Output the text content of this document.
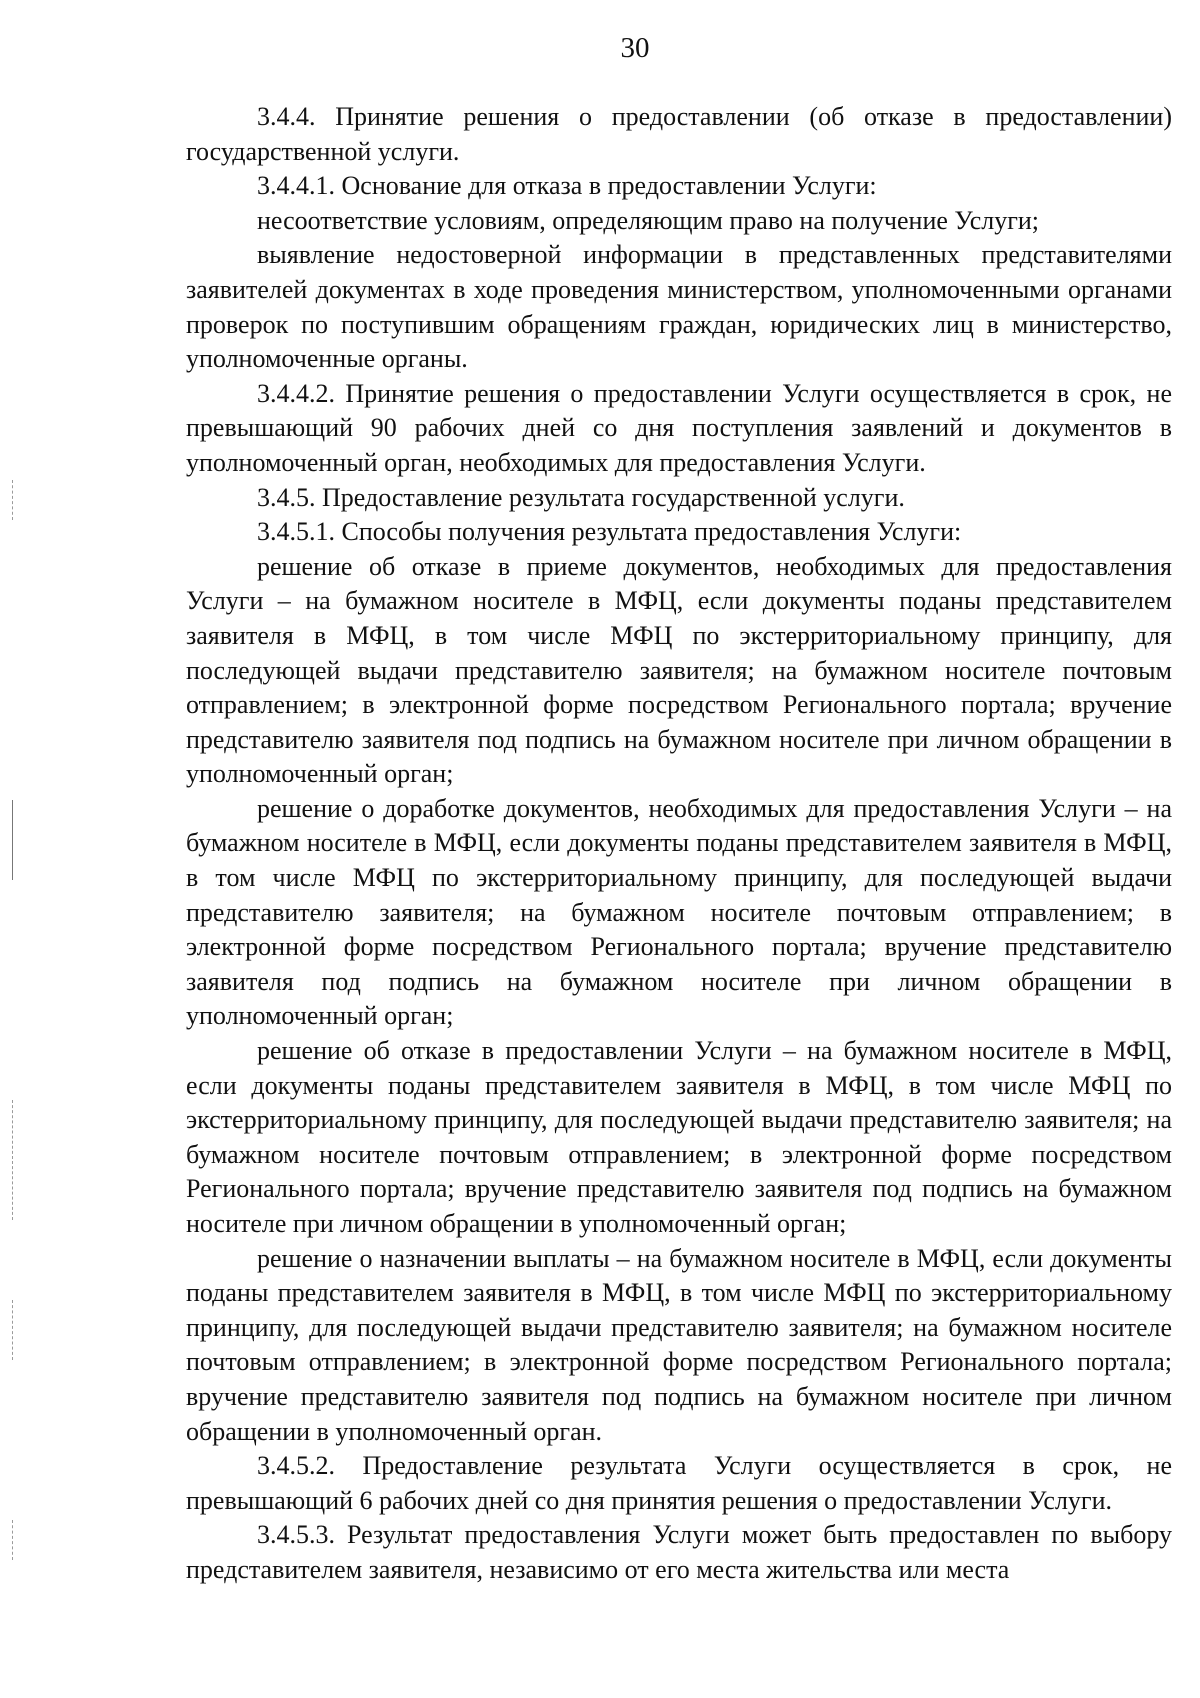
30

3.4.4. Принятие решения о предоставлении (об отказе в предоставлении) государственной услуги.

3.4.4.1. Основание для отказа в предоставлении Услуги:

несоответствие условиям, определяющим право на получение Услуги;

выявление недостоверной информации в представленных представителями заявителей документах в ходе проведения министерством, уполномоченными органами проверок по поступившим обращениям граждан, юридических лиц в министерство, уполномоченные органы.

3.4.4.2. Принятие решения о предоставлении Услуги осуществляется в срок, не превышающий 90 рабочих дней со дня поступления заявлений и документов в уполномоченный орган, необходимых для предоставления Услуги.

3.4.5. Предоставление результата государственной услуги.

3.4.5.1. Способы получения результата предоставления Услуги:

решение об отказе в приеме документов, необходимых для предоставления Услуги – на бумажном носителе в МФЦ, если документы поданы представителем заявителя в МФЦ, в том числе МФЦ по экстерриториальному принципу, для последующей выдачи представителю заявителя; на бумажном носителе почтовым отправлением; в электронной форме посредством Регионального портала; вручение представителю заявителя под подпись на бумажном носителе при личном обращении в уполномоченный орган;

решение о доработке документов, необходимых для предоставления Услуги – на бумажном носителе в МФЦ, если документы поданы представителем заявителя в МФЦ, в том числе МФЦ по экстерриториальному принципу, для последующей выдачи представителю заявителя; на бумажном носителе почтовым отправлением; в электронной форме посредством Регионального портала; вручение представителю заявителя под подпись на бумажном носителе при личном обращении в уполномоченный орган;

решение об отказе в предоставлении Услуги – на бумажном носителе в МФЦ, если документы поданы представителем заявителя в МФЦ, в том числе МФЦ по экстерриториальному принципу, для последующей выдачи представителю заявителя; на бумажном носителе почтовым отправлением; в электронной форме посредством Регионального портала; вручение представителю заявителя под подпись на бумажном носителе при личном обращении в уполномоченный орган;

решение о назначении выплаты – на бумажном носителе в МФЦ, если документы поданы представителем заявителя в МФЦ, в том числе МФЦ по экстерриториальному принципу, для последующей выдачи представителю заявителя; на бумажном носителе почтовым отправлением; в электронной форме посредством Регионального портала; вручение представителю заявителя под подпись на бумажном носителе при личном обращении в уполномоченный орган.

3.4.5.2. Предоставление результата Услуги осуществляется в срок, не превышающий 6 рабочих дней со дня принятия решения о предоставлении Услуги.

3.4.5.3. Результат предоставления Услуги может быть предоставлен по выбору представителем заявителя, независимо от его места жительства или места
